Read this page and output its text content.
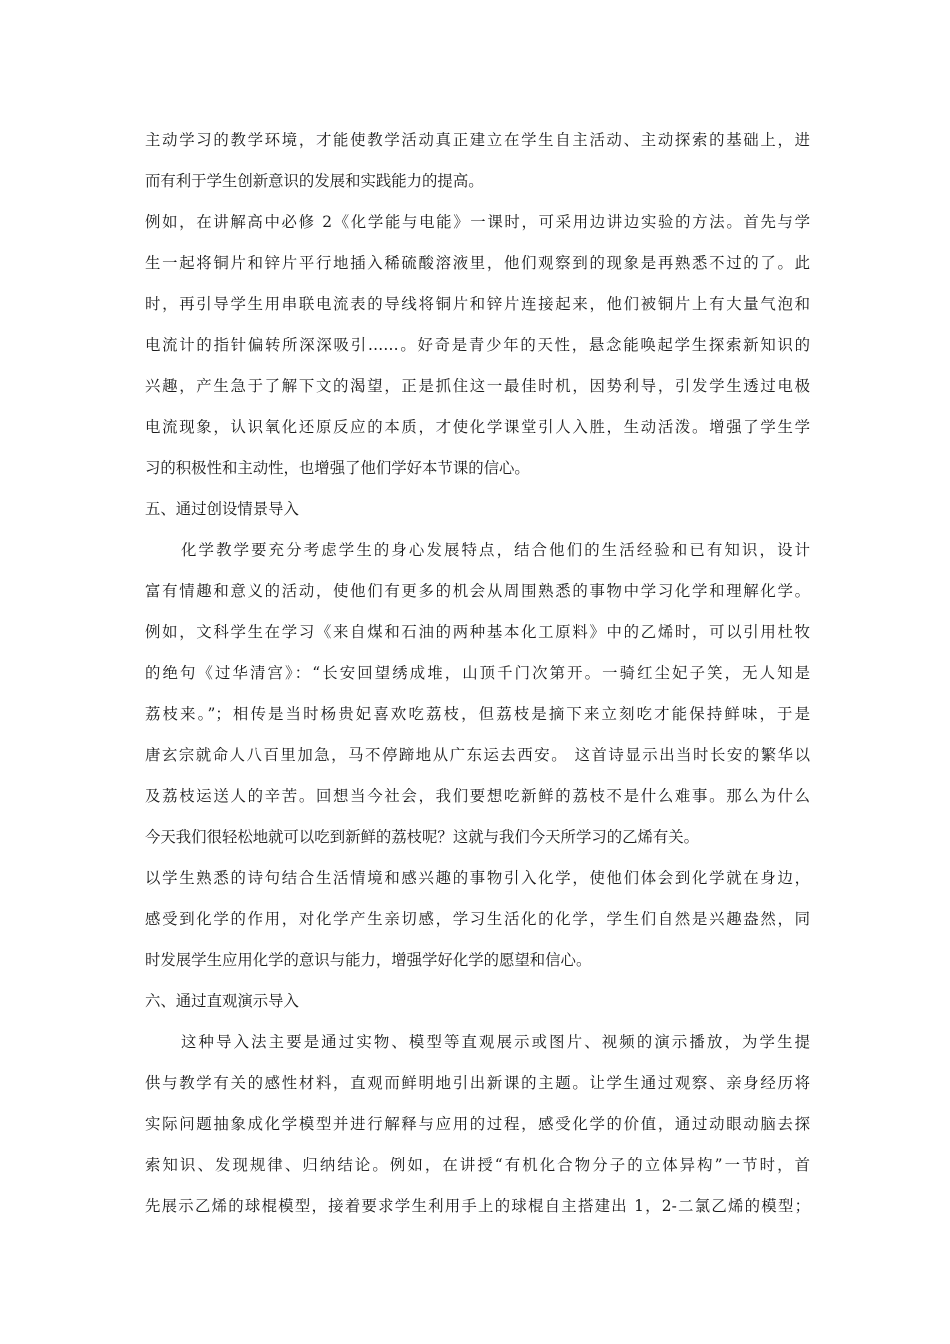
主动学习的教学环境，才能使教学活动真正建立在学生自主活动、主动探索的基础上，进
而有利于学生创新意识的发展和实践能力的提高。
例如，在讲解高中必修 2《化学能与电能》一课时，可采用边讲边实验的方法。首先与学
生一起将铜片和锌片平行地插入稀硫酸溶液里，他们观察到的现象是再熟悉不过的了。此
时，再引导学生用串联电流表的导线将铜片和锌片连接起来，他们被铜片上有大量气泡和
电流计的指针偏转所深深吸引……。好奇是青少年的天性，悬念能唤起学生探索新知识的
兴趣，产生急于了解下文的渴望，正是抓住这一最佳时机，因势利导，引发学生透过电极
电流现象，认识氧化还原反应的本质，才使化学课堂引人入胜，生动活泼。增强了学生学
习的积极性和主动性，也增强了他们学好本节课的信心。
五、通过创设情景导入
化学教学要充分考虑学生的身心发展特点，结合他们的生活经验和已有知识，设计
富有情趣和意义的活动，使他们有更多的机会从周围熟悉的事物中学习化学和理解化学。
例如，文科学生在学习《来自煤和石油的两种基本化工原料》中的乙烯时，可以引用杜牧
的绝句《过华清宫》：“长安回望绣成堆，山顶千门次第开。一骑红尘妃子笑，无人知是
荔枝来。”；相传是当时杨贵妃喜欢吃荔枝，但荔枝是摘下来立刻吃才能保持鲜味，于是
唐玄宗就命人八百里加急，马不停蹄地从广东运去西安。 这首诗显示出当时长安的繁华以
及荔枝运送人的辛苦。回想当今社会，我们要想吃新鲜的荔枝不是什么难事。那么为什么
今天我们很轻松地就可以吃到新鲜的荔枝呢？这就与我们今天所学习的乙烯有关。
以学生熟悉的诗句结合生活情境和感兴趣的事物引入化学，使他们体会到化学就在身边，
感受到化学的作用，对化学产生亲切感，学习生活化的化学，学生们自然是兴趣盎然，同
时发展学生应用化学的意识与能力，增强学好化学的愿望和信心。
六、通过直观演示导入
这种导入法主要是通过实物、模型等直观展示或图片、视频的演示播放，为学生提
供与教学有关的感性材料，直观而鲜明地引出新课的主题。让学生通过观察、亲身经历将
实际问题抽象成化学模型并进行解释与应用的过程，感受化学的价值，通过动眼动脑去探
索知识、发现规律、归纳结论。例如，在讲授“有机化合物分子的立体异构”一节时，首
先展示乙烯的球棍模型，接着要求学生利用手上的球棍自主搭建出 1，2-二氯乙烯的模型；
